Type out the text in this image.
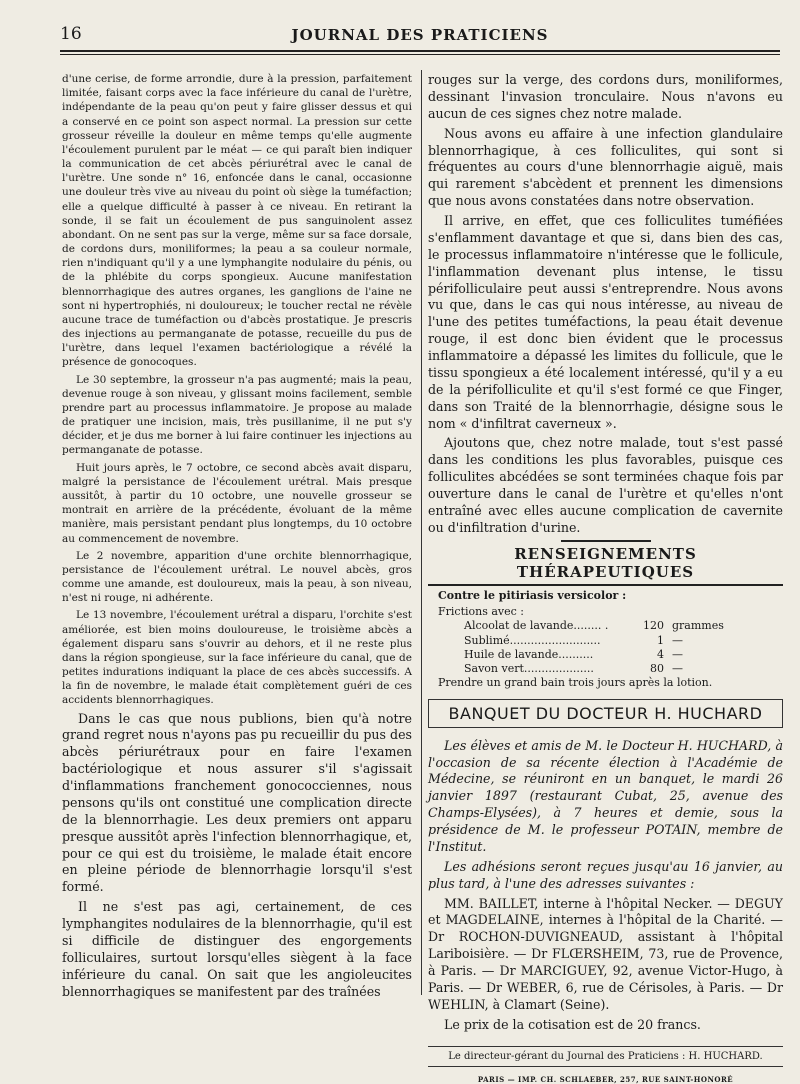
16	JOURNAL DES PRATICIENS

d'une cerise, de forme arrondie, dure à la pression, parfaitement limitée, faisant corps avec la face inférieure du canal de l'urètre, indépendante de la peau qu'on peut y faire glisser dessus et qui a conservé en ce point son aspect normal. La pression sur cette grosseur réveille la douleur en même temps qu'elle augmente l'écoulement purulent par le méat — ce qui paraît bien indiquer la communication de cet abcès périurétral avec le canal de l'urètre. Une sonde n° 16, enfoncée dans le canal, occasionne une douleur très vive au niveau du point où siège la tuméfaction; elle a quelque difficulté à passer à ce niveau. En retirant la sonde, il se fait un écoulement de pus sanguinolent assez abondant. On ne sent pas sur la verge, même sur sa face dorsale, de cordons durs, moniliformes; la peau a sa couleur normale, rien n'indiquant qu'il y a une lymphangite nodulaire du pénis, ou de la phlébite du corps spongieux. Aucune manifestation blennorrhagique des autres organes, les ganglions de l'aine ne sont ni hypertrophiés, ni douloureux; le toucher rectal ne révèle aucune trace de tuméfaction ou d'abcès prostatique. Je prescris des injections au permanganate de potasse, recueille du pus de l'urètre, dans lequel l'examen bactériologique a révélé la présence de gonocoques.

Le 30 septembre, la grosseur n'a pas augmenté; mais la peau, devenue rouge à son niveau, y glissant moins facilement, semble prendre part au processus inflammatoire. Je propose au malade de pratiquer une incision, mais, très pusillanime, il ne put s'y décider, et je dus me borner à lui faire continuer les injections au permanganate de potasse.

Huit jours après, le 7 octobre, ce second abcès avait disparu, malgré la persistance de l'écoulement urétral. Mais presque aussitôt, à partir du 10 octobre, une nouvelle grosseur se montrait en arrière de la précédente, évoluant de la même manière, mais persistant pendant plus longtemps, du 10 octobre au commencement de novembre.

Le 2 novembre, apparition d'une orchite blennorrhagique, persistance de l'écoulement urétral. Le nouvel abcès, gros comme une amande, est douloureux, mais la peau, à son niveau, n'est ni rouge, ni adhérente.

Le 13 novembre, l'écoulement urétral a disparu, l'orchite s'est améliorée, est bien moins douloureuse, le troisième abcès a également disparu sans s'ouvrir au dehors, et il ne reste plus dans la région spongieuse, sur la face inférieure du canal, que de petites indurations indiquant la place de ces abcès successifs. A la fin de novembre, le malade était complètement guéri de ces accidents blennorrhagiques.

Dans le cas que nous publions, bien qu'à notre grand regret nous n'ayons pas pu recueillir du pus des abcès périurétraux pour en faire l'examen bactériologique et nous assurer s'il s'agissait d'inflammations franchement gonococciennes, nous pensons qu'ils ont constitué une complication directe de la blennorrhagie. Les deux premiers ont apparu presque aussitôt après l'infection blennorrhagique, et, pour ce qui est du troisième, le malade était encore en pleine période de blennorrhagie lorsqu'il s'est formé.

Il ne s'est pas agi, certainement, de ces lymphangites nodulaires de la blennorrhagie, qu'il est si difficile de distinguer des engorgements folliculaires, surtout lorsqu'elles siègent à la face inférieure du canal. On sait que les angioleucites blennorrhagiques se manifestent par des traînées

rouges sur la verge, des cordons durs, moniliformes, dessinant l'invasion tronculaire. Nous n'avons eu aucun de ces signes chez notre malade.

Nous avons eu affaire à une infection glandulaire blennorrhagique, à ces folliculites, qui sont si fréquentes au cours d'une blennorrhagie aiguë, mais qui rarement s'abcèdent et prennent les dimensions que nous avons constatées dans notre observation.

Il arrive, en effet, que ces folliculites tuméfiées s'enflamment davantage et que si, dans bien des cas, le processus inflammatoire n'intéresse que le follicule, l'inflammation devenant plus intense, le tissu périfolliculaire peut aussi s'entreprendre. Nous avons vu que, dans le cas qui nous intéresse, au niveau de l'une des petites tuméfactions, la peau était devenue rouge, il est donc bien évident que le processus inflammatoire a dépassé les limites du follicule, que le tissu spongieux a été localement intéressé, qu'il y a eu de la périfolliculite et qu'il s'est formé ce que Finger, dans son Traité de la blennorrhagie, désigne sous le nom « d'infiltrat caverneux ».

Ajoutons que, chez notre malade, tout s'est passé dans les conditions les plus favorables, puisque ces folliculites abcédées se sont terminées chaque fois par ouverture dans le canal de l'urètre et qu'elles n'ont entraîné avec elles aucune complication de cavernite ou d'infiltration d'urine.

RENSEIGNEMENTS THÉRAPEUTIQUES
Contre le pitiriasis versicolor :
Frictions avec :
Alcoolat de lavande........ .	120 grammes
Sublimé..........................	1 —
Huile de lavande..........	4 —
Savon vert....................	80 —
Prendre un grand bain trois jours après la lotion.
BANQUET DU DOCTEUR H. HUCHARD

Les élèves et amis de M. le Docteur H. HUCHARD, à l'occasion de sa récente élection à l'Académie de Médecine, se réuniront en un banquet, le mardi 26 janvier 1897 (restaurant Cubat, 25, avenue des Champs-Elysées), à 7 heures et demie, sous la présidence de M. le professeur POTAIN, membre de l'Institut.

Les adhésions seront reçues jusqu'au 16 janvier, au plus tard, à l'une des adresses suivantes :

MM. BAILLET, interne à l'hôpital Necker. — DEGUY et MAGDELAINE, internes à l'hôpital de la Charité. — Dr ROCHON-DUVIGNEAUD, assistant à l'hôpital Lariboisière. — Dr FLŒRSHEIM, 73, rue de Provence, à Paris. — Dr MARCIGUEY, 92, avenue Victor-Hugo, à Paris. — Dr WEBER, 6, rue de Cérisoles, à Paris. — Dr WEHLIN, à Clamart (Seine).

Le prix de la cotisation est de 20 francs.

Le directeur-gérant du Journal des Praticiens : H. HUCHARD.
PARIS — IMP. CH. SCHLAEBER, 257, RUE SAINT-HONORÉ
